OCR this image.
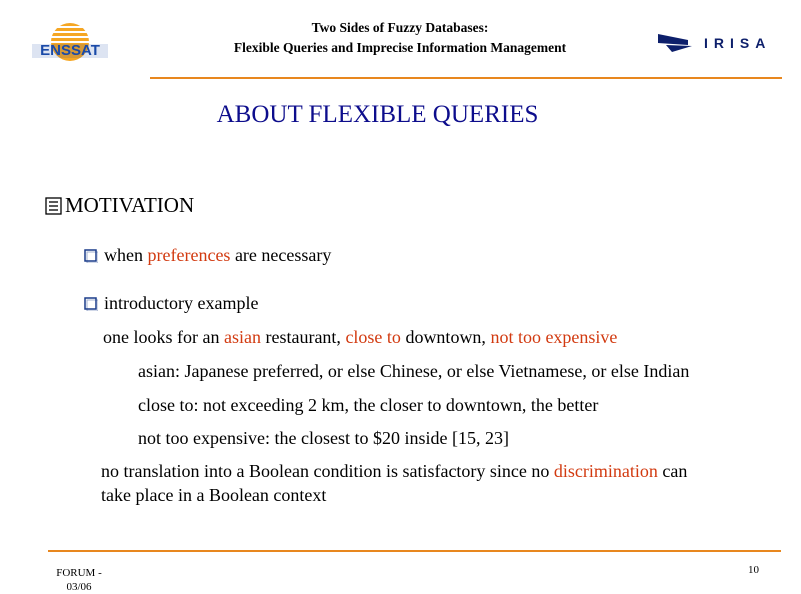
ENSSAT
Two Sides of Fuzzy Databases:
Flexible Queries and Imprecise Information Management	IRISA
ABOUT FLEXIBLE QUERIES
MOTIVATION
when preferences are necessary
introductory example
one looks for an asian restaurant, close to downtown, not too expensive
asian: Japanese preferred, or else Chinese, or else Vietnamese, or else Indian
close to: not exceeding 2 km, the closer to downtown, the better
not too expensive: the closest to $20 inside [15, 23]
no translation into a Boolean condition is satisfactory since no discrimination can
take place in a Boolean context
FORUM -
03/06
10
